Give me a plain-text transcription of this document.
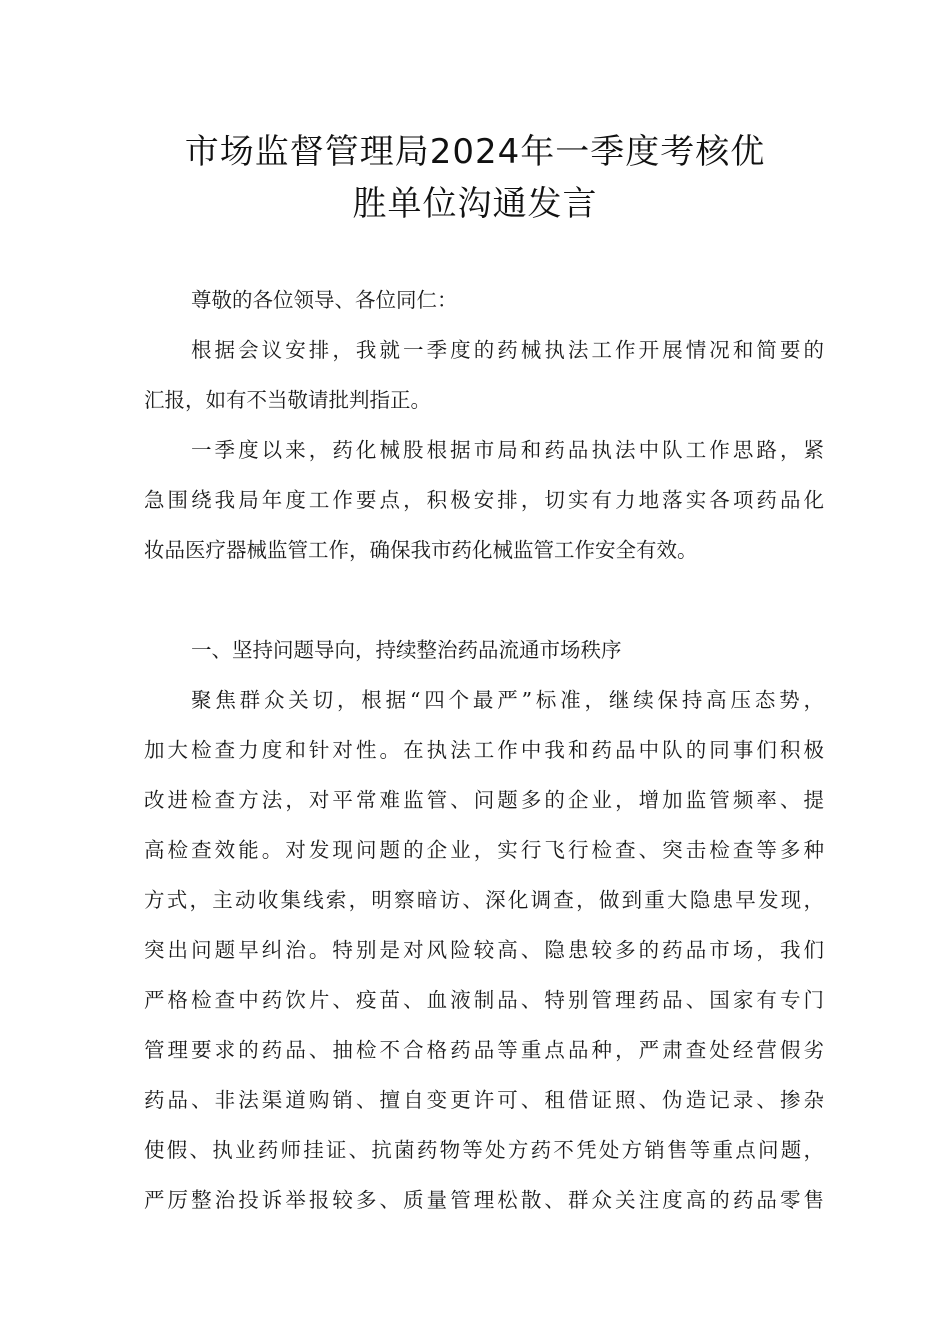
市场监督管理局2024年一季度考核优
胜单位沟通发言
尊敬的各位领导、各位同仁：
根据会议安排，我就一季度的药械执法工作开展情况和简要的
汇报，如有不当敬请批判指正。
一季度以来，药化械股根据市局和药品执法中队工作思路，紧
急围绕我局年度工作要点，积极安排，切实有力地落实各项药品化
妆品医疗器械监管工作，确保我市药化械监管工作安全有效。
一、坚持问题导向，持续整治药品流通市场秩序
聚焦群众关切，根据“四个最严”标准，继续保持高压态势，
加大检查力度和针对性。在执法工作中我和药品中队的同事们积极
改进检查方法，对平常难监管、问题多的企业，增加监管频率、提
高检查效能。对发现问题的企业，实行飞行检查、突击检查等多种
方式，主动收集线索，明察暗访、深化调查，做到重大隐患早发现，
突出问题早纠治。特别是对风险较高、隐患较多的药品市场，我们
严格检查中药饮片、疫苗、血液制品、特别管理药品、国家有专门
管理要求的药品、抽检不合格药品等重点品种，严肃查处经营假劣
药品、非法渠道购销、擅自变更许可、租借证照、伪造记录、掺杂
使假、执业药师挂证、抗菌药物等处方药不凭处方销售等重点问题，
严厉整治投诉举报较多、质量管理松散、群众关注度高的药品零售
